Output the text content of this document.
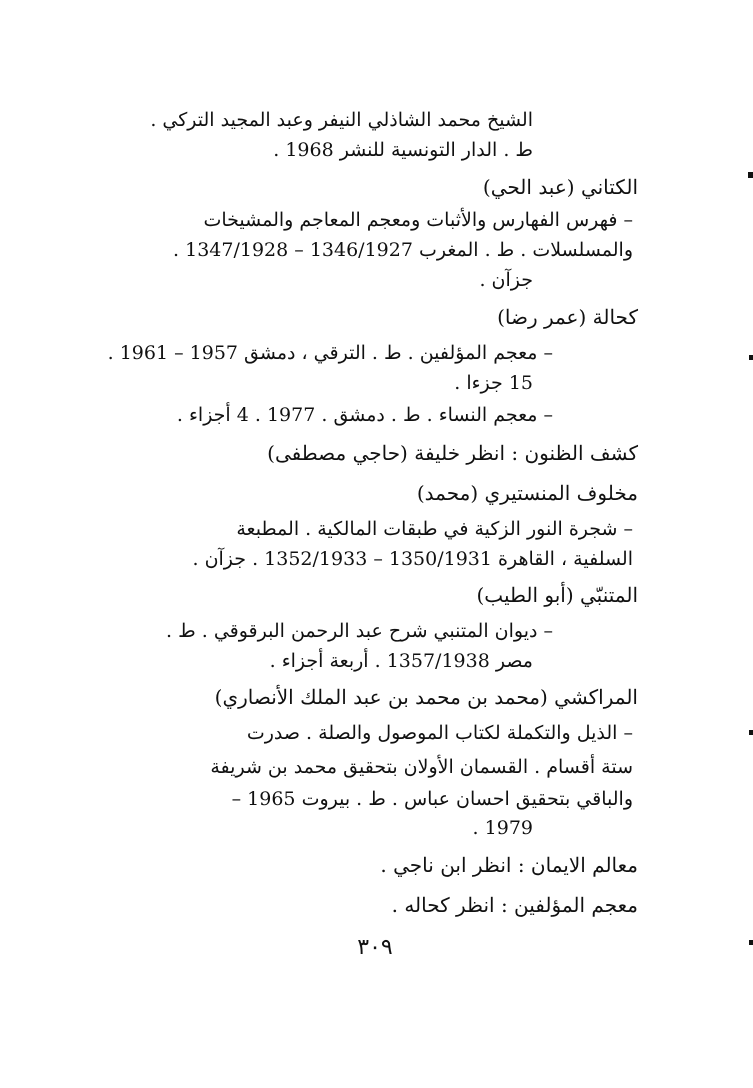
الشيخ محمد الشاذلي النيفر وعبد المجيد التركي .
ط . الدار التونسية للنشر 1968 .
الكتاني (عبد الحي)
– فهرس الفهارس والأثبات ومعجم المعاجم والمشيخات
والمسلسلات . ط . المغرب 1346/1927 – 1347/1928 .
جزآن .
كحالة (عمر رضا)
– معجم المؤلفين . ط . الترقي ، دمشق 1957 – 1961 .
15 جزءا .
– معجم النساء . ط . دمشق . 1977 . 4 أجزاء .
كشف الظنون : انظر خليفة (حاجي مصطفى)
مخلوف المنستيري (محمد)
– شجرة النور الزكية في طبقات المالكية . المطبعة
السلفية ، القاهرة 1350/1931 – 1352/1933 . جزآن .
المتنبّي (أبو الطيب)
– ديوان المتنبي شرح عبد الرحمن البرقوقي . ط .
مصر 1357/1938 . أربعة أجزاء .
المراكشي (محمد بن محمد بن عبد الملك الأنصاري)
– الذيل والتكملة لكتاب الموصول والصلة . صدرت
ستة أقسام . القسمان الأولان بتحقيق محمد بن شريفة
والباقي بتحقيق احسان عباس . ط . بيروت 1965 –
1979 .
معالم الايمان : انظر ابن ناجي .
معجم المؤلفين : انظر كحاله .
٣٠٩
